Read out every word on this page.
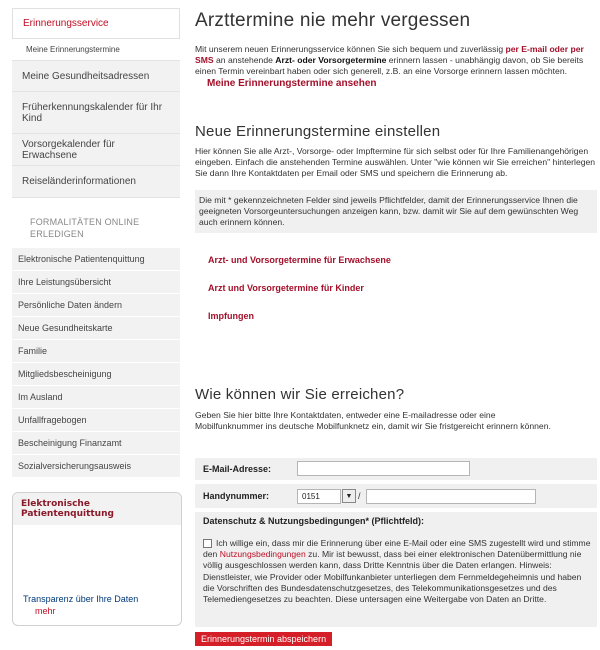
Erinnerungsservice
Meine Erinnerungstermine
Meine Gesundheitsadressen
Früherkennungskalender für Ihr Kind
Vorsorgekalender für Erwachsene
Reiseländerinformationen
FORMALITÄTEN ONLINE ERLEDIGEN
Elektronische Patientenquittung
Ihre Leistungsübersicht
Persönliche Daten ändern
Neue Gesundheitskarte
Familie
Mitgliedsbescheinigung
Im Ausland
Unfallfragebogen
Bescheinigung Finanzamt
Sozialversicherungsausweis
Elektronische Patientenquittung
Transparenz über Ihre Daten
mehr
Arzttermine nie mehr vergessen

Mit unserem neuen Erinnerungsservice können Sie sich bequem und zuverlässig per E-mail oder per SMS an anstehende Arzt- oder Vorsorgetermine erinnern lassen - unabhängig davon, ob Sie bereits einen Termin vereinbart haben oder sich generell, z.B. an eine Vorsorge erinnern lassen möchten.

Meine Erinnerungstermine ansehen
Neue Erinnerungstermine einstellen

Hier können Sie alle Arzt-, Vorsorge- oder Impftermine für sich selbst oder für Ihre Familienangehörigen eingeben. Einfach die anstehenden Termine auswählen. Unter "wie können wir Sie erreichen" hinterlegen Sie dann Ihre Kontaktdaten per Email oder SMS und speichern die Erinnerung ab.

Die mit * gekennzeichneten Felder sind jeweils Pflichtfelder, damit der Erinnerungsservice Ihnen die geeigneten Vorsorgeuntersuchungen anzeigen kann, bzw. damit wir Sie auf dem gewünschten Weg auch erinnern können.
Arzt- und Vorsorgetermine für Erwachsene
Arzt und Vorsorgetermine für Kinder
Impfungen
Wie können wir Sie erreichen?

Geben Sie hier bitte Ihre Kontaktdaten, entweder eine E-mailadresse oder eine Mobilfunknummer ins deutsche Mobilfunknetz ein, damit wir Sie fristgereicht erinnern können.

E-Mail-Adresse:
Handynummer:	0151	▼ /
Datenschutz & Nutzungsbedingungen* (Pflichtfeld):

Ich willige ein, dass mir die Erinnerung über eine E-Mail oder eine SMS zugestellt wird und stimme den Nutzungsbedingungen zu. Mir ist bewusst, dass bei einer elektronischen Datenübermittlung nie völlig ausgeschlossen werden kann, dass Dritte Kenntnis über die Daten erlangen. Hinweis: Dienstleister, wie Provider oder Mobilfunkanbieter unterliegen dem Fernmeldegeheimnis und haben die Vorschriften des Bundesdatenschutzgesetzes, des Telekommunikationsgesetzes und des Telemediengesetzes zu beachten. Diese untersagen eine Weitergabe von Daten an Dritte.

Erinnerungstermin abspeichern
